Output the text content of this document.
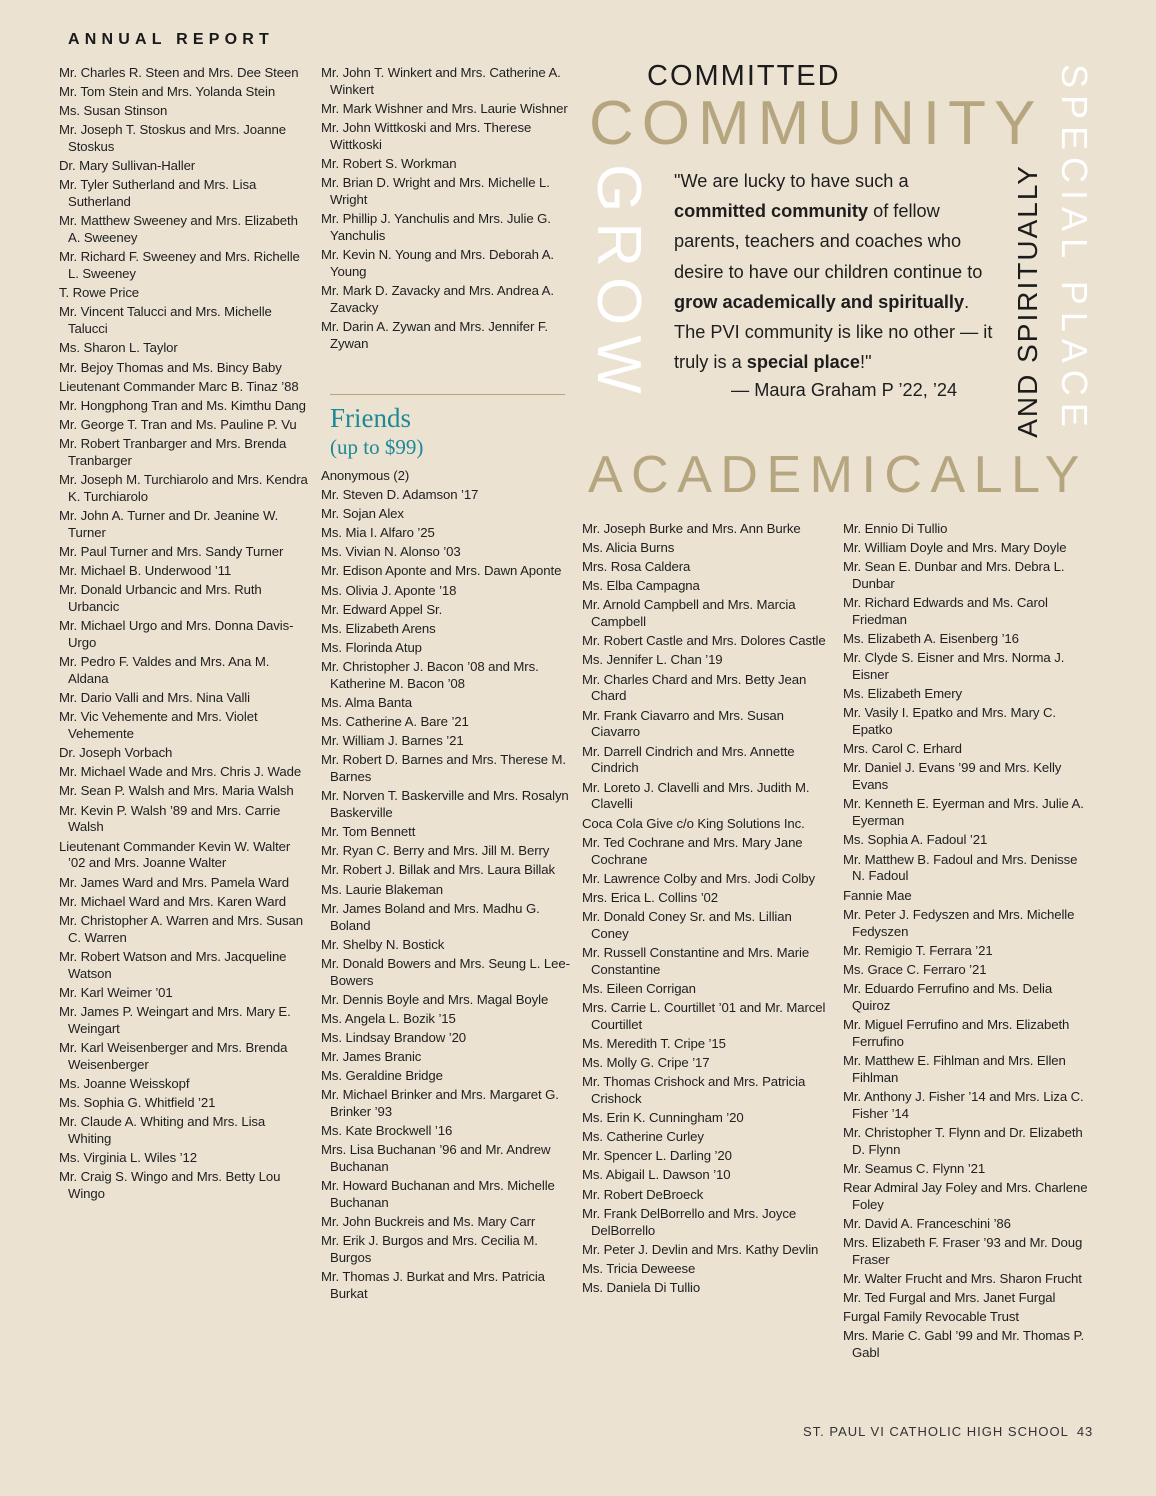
ANNUAL REPORT
Mr. Charles R. Steen and Mrs. Dee Steen
Mr. Tom Stein and Mrs. Yolanda Stein
Ms. Susan Stinson
Mr. Joseph T. Stoskus and Mrs. Joanne Stoskus
Dr. Mary Sullivan-Haller
Mr. Tyler Sutherland and Mrs. Lisa Sutherland
Mr. Matthew Sweeney and Mrs. Elizabeth A. Sweeney
Mr. Richard F. Sweeney and Mrs. Richelle L. Sweeney
T. Rowe Price
Mr. Vincent Talucci and Mrs. Michelle Talucci
Ms. Sharon L. Taylor
Mr. Bejoy Thomas and Ms. Bincy Baby
Lieutenant Commander Marc B. Tinaz ’88
Mr. Hongphong Tran and Ms. Kimthu Dang
Mr. George T. Tran and Ms. Pauline P. Vu
Mr. Robert Tranbarger and Mrs. Brenda Tranbarger
Mr. Joseph M. Turchiarolo and Mrs. Kendra K. Turchiarolo
Mr. John A. Turner and Dr. Jeanine W. Turner
Mr. Paul Turner and Mrs. Sandy Turner
Mr. Michael B. Underwood ’11
Mr. Donald Urbancic and Mrs. Ruth Urbancic
Mr. Michael Urgo and Mrs. Donna Davis-Urgo
Mr. Pedro F. Valdes and Mrs. Ana M. Aldana
Mr. Dario Valli and Mrs. Nina Valli
Mr. Vic Vehemente and Mrs. Violet Vehemente
Dr. Joseph Vorbach
Mr. Michael Wade and Mrs. Chris J. Wade
Mr. Sean P. Walsh and Mrs. Maria Walsh
Mr. Kevin P. Walsh ’89 and Mrs. Carrie Walsh
Lieutenant Commander Kevin W. Walter ’02 and Mrs. Joanne Walter
Mr. James Ward and Mrs. Pamela Ward
Mr. Michael Ward and Mrs. Karen Ward
Mr. Christopher A. Warren and Mrs. Susan C. Warren
Mr. Robert Watson and Mrs. Jacqueline Watson
Mr. Karl Weimer ’01
Mr. James P. Weingart and Mrs. Mary E. Weingart
Mr. Karl Weisenberger and Mrs. Brenda Weisenberger
Ms. Joanne Weisskopf
Ms. Sophia G. Whitfield ’21
Mr. Claude A. Whiting and Mrs. Lisa Whiting
Ms. Virginia L. Wiles ’12
Mr. Craig S. Wingo and Mrs. Betty Lou Wingo
Mr. John T. Winkert and Mrs. Catherine A. Winkert
Mr. Mark Wishner and Mrs. Laurie Wishner
Mr. John Wittkoski and Mrs. Therese Wittkoski
Mr. Robert S. Workman
Mr. Brian D. Wright and Mrs. Michelle L. Wright
Mr. Phillip J. Yanchulis and Mrs. Julie G. Yanchulis
Mr. Kevin N. Young and Mrs. Deborah A. Young
Mr. Mark D. Zavacky and Mrs. Andrea A. Zavacky
Mr. Darin A. Zywan and Mrs. Jennifer F. Zywan
Friends
(up to $99)
Anonymous (2)
Mr. Steven D. Adamson ’17
Mr. Sojan Alex
Ms. Mia I. Alfaro ’25
Ms. Vivian N. Alonso ’03
Mr. Edison Aponte and Mrs. Dawn Aponte
Ms. Olivia J. Aponte ’18
Mr. Edward Appel Sr.
Ms. Elizabeth Arens
Ms. Florinda Atup
Mr. Christopher J. Bacon ’08 and Mrs. Katherine M. Bacon ’08
Ms. Alma Banta
Ms. Catherine A. Bare ’21
Mr. William J. Barnes ’21
Mr. Robert D. Barnes and Mrs. Therese M. Barnes
Mr. Norven T. Baskerville and Mrs. Rosalyn Baskerville
Mr. Tom Bennett
Mr. Ryan C. Berry and Mrs. Jill M. Berry
Mr. Robert J. Billak and Mrs. Laura Billak
Ms. Laurie Blakeman
Mr. James Boland and Mrs. Madhu G. Boland
Mr. Shelby N. Bostick
Mr. Donald Bowers and Mrs. Seung L. Lee-Bowers
Mr. Dennis Boyle and Mrs. Magal Boyle
Ms. Angela L. Bozik ’15
Ms. Lindsay Brandow ’20
Mr. James Branic
Ms. Geraldine Bridge
Mr. Michael Brinker and Mrs. Margaret G. Brinker ’93
Ms. Kate Brockwell ’16
Mrs. Lisa Buchanan ’96 and Mr. Andrew Buchanan
Mr. Howard Buchanan and Mrs. Michelle Buchanan
Mr. John Buckreis and Ms. Mary Carr
Mr. Erik J. Burgos and Mrs. Cecilia M. Burgos
Mr. Thomas J. Burkat and Mrs. Patricia Burkat
COMMITTED
COMMUNITY
GROW	AND SPIRITUALLY SPECIAL PLACE
ACADEMICALLY

"We are lucky to have such a committed community of fellow parents, teachers and coaches who desire to have our children continue to grow academically and spiritually. The PVI community is like no other — it truly is a special place!"

— Maura Graham P ’22, ’24

Mr. Joseph Burke and Mrs. Ann Burke
Ms. Alicia Burns
Mrs. Rosa Caldera
Ms. Elba Campagna
Mr. Arnold Campbell and Mrs. Marcia Campbell
Mr. Robert Castle and Mrs. Dolores Castle
Ms. Jennifer L. Chan ’19
Mr. Charles Chard and Mrs. Betty Jean Chard
Mr. Frank Ciavarro and Mrs. Susan Ciavarro
Mr. Darrell Cindrich and Mrs. Annette Cindrich
Mr. Loreto J. Clavelli and Mrs. Judith M. Clavelli
Coca Cola Give c/o King Solutions Inc.
Mr. Ted Cochrane and Mrs. Mary Jane Cochrane
Mr. Lawrence Colby and Mrs. Jodi Colby
Mrs. Erica L. Collins ’02
Mr. Donald Coney Sr. and Ms. Lillian Coney
Mr. Russell Constantine and Mrs. Marie Constantine
Ms. Eileen Corrigan
Mrs. Carrie L. Courtillet ’01 and Mr. Marcel Courtillet
Ms. Meredith T. Cripe ’15
Ms. Molly G. Cripe ’17
Mr. Thomas Crishock and Mrs. Patricia Crishock
Ms. Erin K. Cunningham ’20
Ms. Catherine Curley
Mr. Spencer L. Darling ’20
Ms. Abigail L. Dawson ’10
Mr. Robert DeBroeck
Mr. Frank DelBorrello and Mrs. Joyce DelBorrello
Mr. Peter J. Devlin and Mrs. Kathy Devlin
Ms. Tricia Deweese
Ms. Daniela Di Tullio
Mr. Ennio Di Tullio
Mr. William Doyle and Mrs. Mary Doyle
Mr. Sean E. Dunbar and Mrs. Debra L. Dunbar
Mr. Richard Edwards and Ms. Carol Friedman
Ms. Elizabeth A. Eisenberg ’16
Mr. Clyde S. Eisner and Mrs. Norma J. Eisner
Ms. Elizabeth Emery
Mr. Vasily I. Epatko and Mrs. Mary C. Epatko
Mrs. Carol C. Erhard
Mr. Daniel J. Evans ’99 and Mrs. Kelly Evans
Mr. Kenneth E. Eyerman and Mrs. Julie A. Eyerman
Ms. Sophia A. Fadoul ’21
Mr. Matthew B. Fadoul and Mrs. Denisse N. Fadoul
Fannie Mae
Mr. Peter J. Fedyszen and Mrs. Michelle Fedyszen
Mr. Remigio T. Ferrara ’21
Ms. Grace C. Ferraro ’21
Mr. Eduardo Ferrufino and Ms. Delia Quiroz
Mr. Miguel Ferrufino and Mrs. Elizabeth Ferrufino
Mr. Matthew E. Fihlman and Mrs. Ellen Fihlman
Mr. Anthony J. Fisher ’14 and Mrs. Liza C. Fisher ’14
Mr. Christopher T. Flynn and Dr. Elizabeth D. Flynn
Mr. Seamus C. Flynn ’21
Rear Admiral Jay Foley and Mrs. Charlene Foley
Mr. David A. Franceschini ’86
Mrs. Elizabeth F. Fraser ’93 and Mr. Doug Fraser
Mr. Walter Frucht and Mrs. Sharon Frucht
Mr. Ted Furgal and Mrs. Janet Furgal
Furgal Family Revocable Trust
Mrs. Marie C. Gabl ’99 and Mr. Thomas P. Gabl
ST. PAUL VI CATHOLIC HIGH SCHOOL 43
